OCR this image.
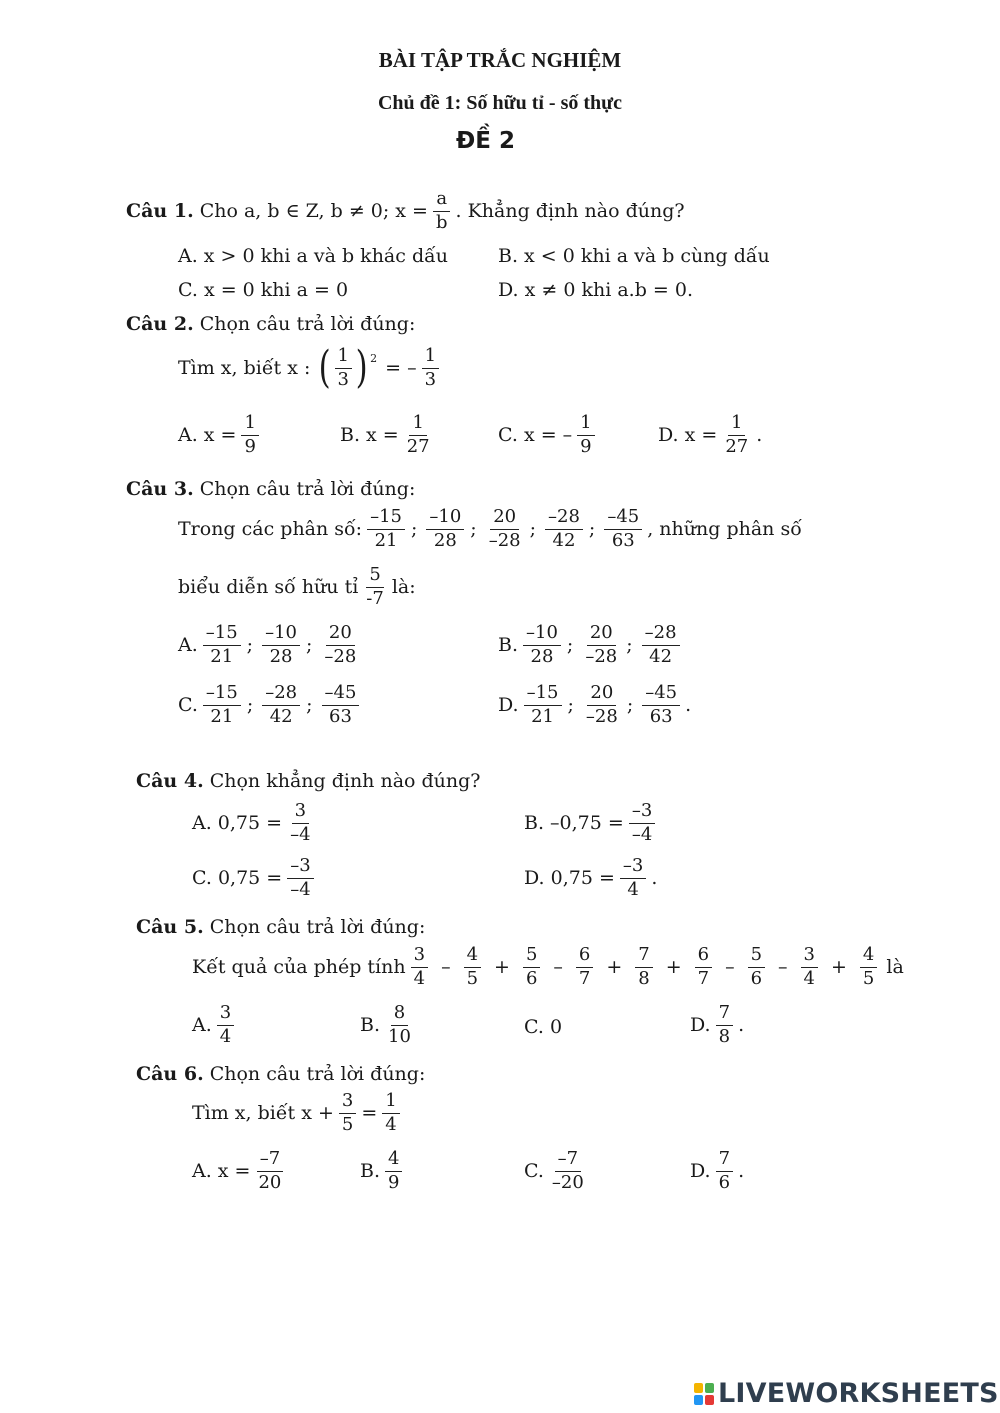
BÀI TẬP TRẮC NGHIỆM
Chủ đề 1: Số hữu tỉ - số thực
ĐỀ 2
Câu 1. Cho a, b ∈ Z, b ≠ 0; $x = \frac{a}{b}$ . Khẳng định nào đúng?
A. x > 0 khi a và b khác dấu	B. x < 0 khi a và b cùng dấu
C. x = 0 khi a = 0	D. x ≠ 0 khi a.b = 0.
Câu 2. Chọn câu trả lời đúng:
Tìm x, biết x : ( $\frac{1}{3} )^2$ = – $\frac{1}{3}$
A. $x = \frac{1}{9}$	B. $x = \frac{1}{27}$	C. x = – $\frac{1}{9}$	D. $x = \frac{1}{27}$ .
Câu 3. Chọn câu trả lời đúng:
Trong các phân số: $\frac{-15}{21}$ ; $\frac{-10}{28}$ ; $\frac{20}{-28}$ ; $\frac{-28}{42}$ ; $\frac{-45}{63}$ , những phân số
biểu diễn số hữu tỉ $\frac{5}{-7}$ là:
A. $\frac{-15}{21}$ ; $\frac{-10}{28}$ ; $\frac{20}{-28}$	B. $\frac{-10}{28}$ ; $\frac{20}{-28}$ ; $\frac{-28}{42}$
C. $\frac{-15}{21}$ ; $\frac{-28}{42}$ ; $\frac{-45}{63}$	D. $\frac{-15}{21}$ ; $\frac{20}{-28}$ ; $\frac{-45}{63}$ .
Câu 4. Chọn khẳng định nào đúng?
A. $0,75 = \frac{3}{-4}$	B. $-0,75 = \frac{-3}{-4}$
C. $0,75 = \frac{-3}{-4}$	D. $0,75 = \frac{-3}{4}$ .
Câu 5. Chọn câu trả lời đúng:
Kết quả của phép tính $\frac{3}{4} - \frac{4}{5} + \frac{5}{6} - \frac{6}{7} + \frac{7}{8} + \frac{6}{7} - \frac{5}{6} - \frac{3}{4} + \frac{4}{5}$ là
A. $\frac{3}{4}$	B. $\frac{8}{10}$	C. 0	D. $\frac{7}{8}$ .
Câu 6. Chọn câu trả lời đúng:
Tìm x, biết $x + \frac{3}{5} = \frac{1}{4}$
A. $x = \frac{-7}{20}$	B. $\frac{4}{9}$	C. $\frac{-7}{-20}$	D. $\frac{7}{6}$ .
LIVEWORKSHEETS
